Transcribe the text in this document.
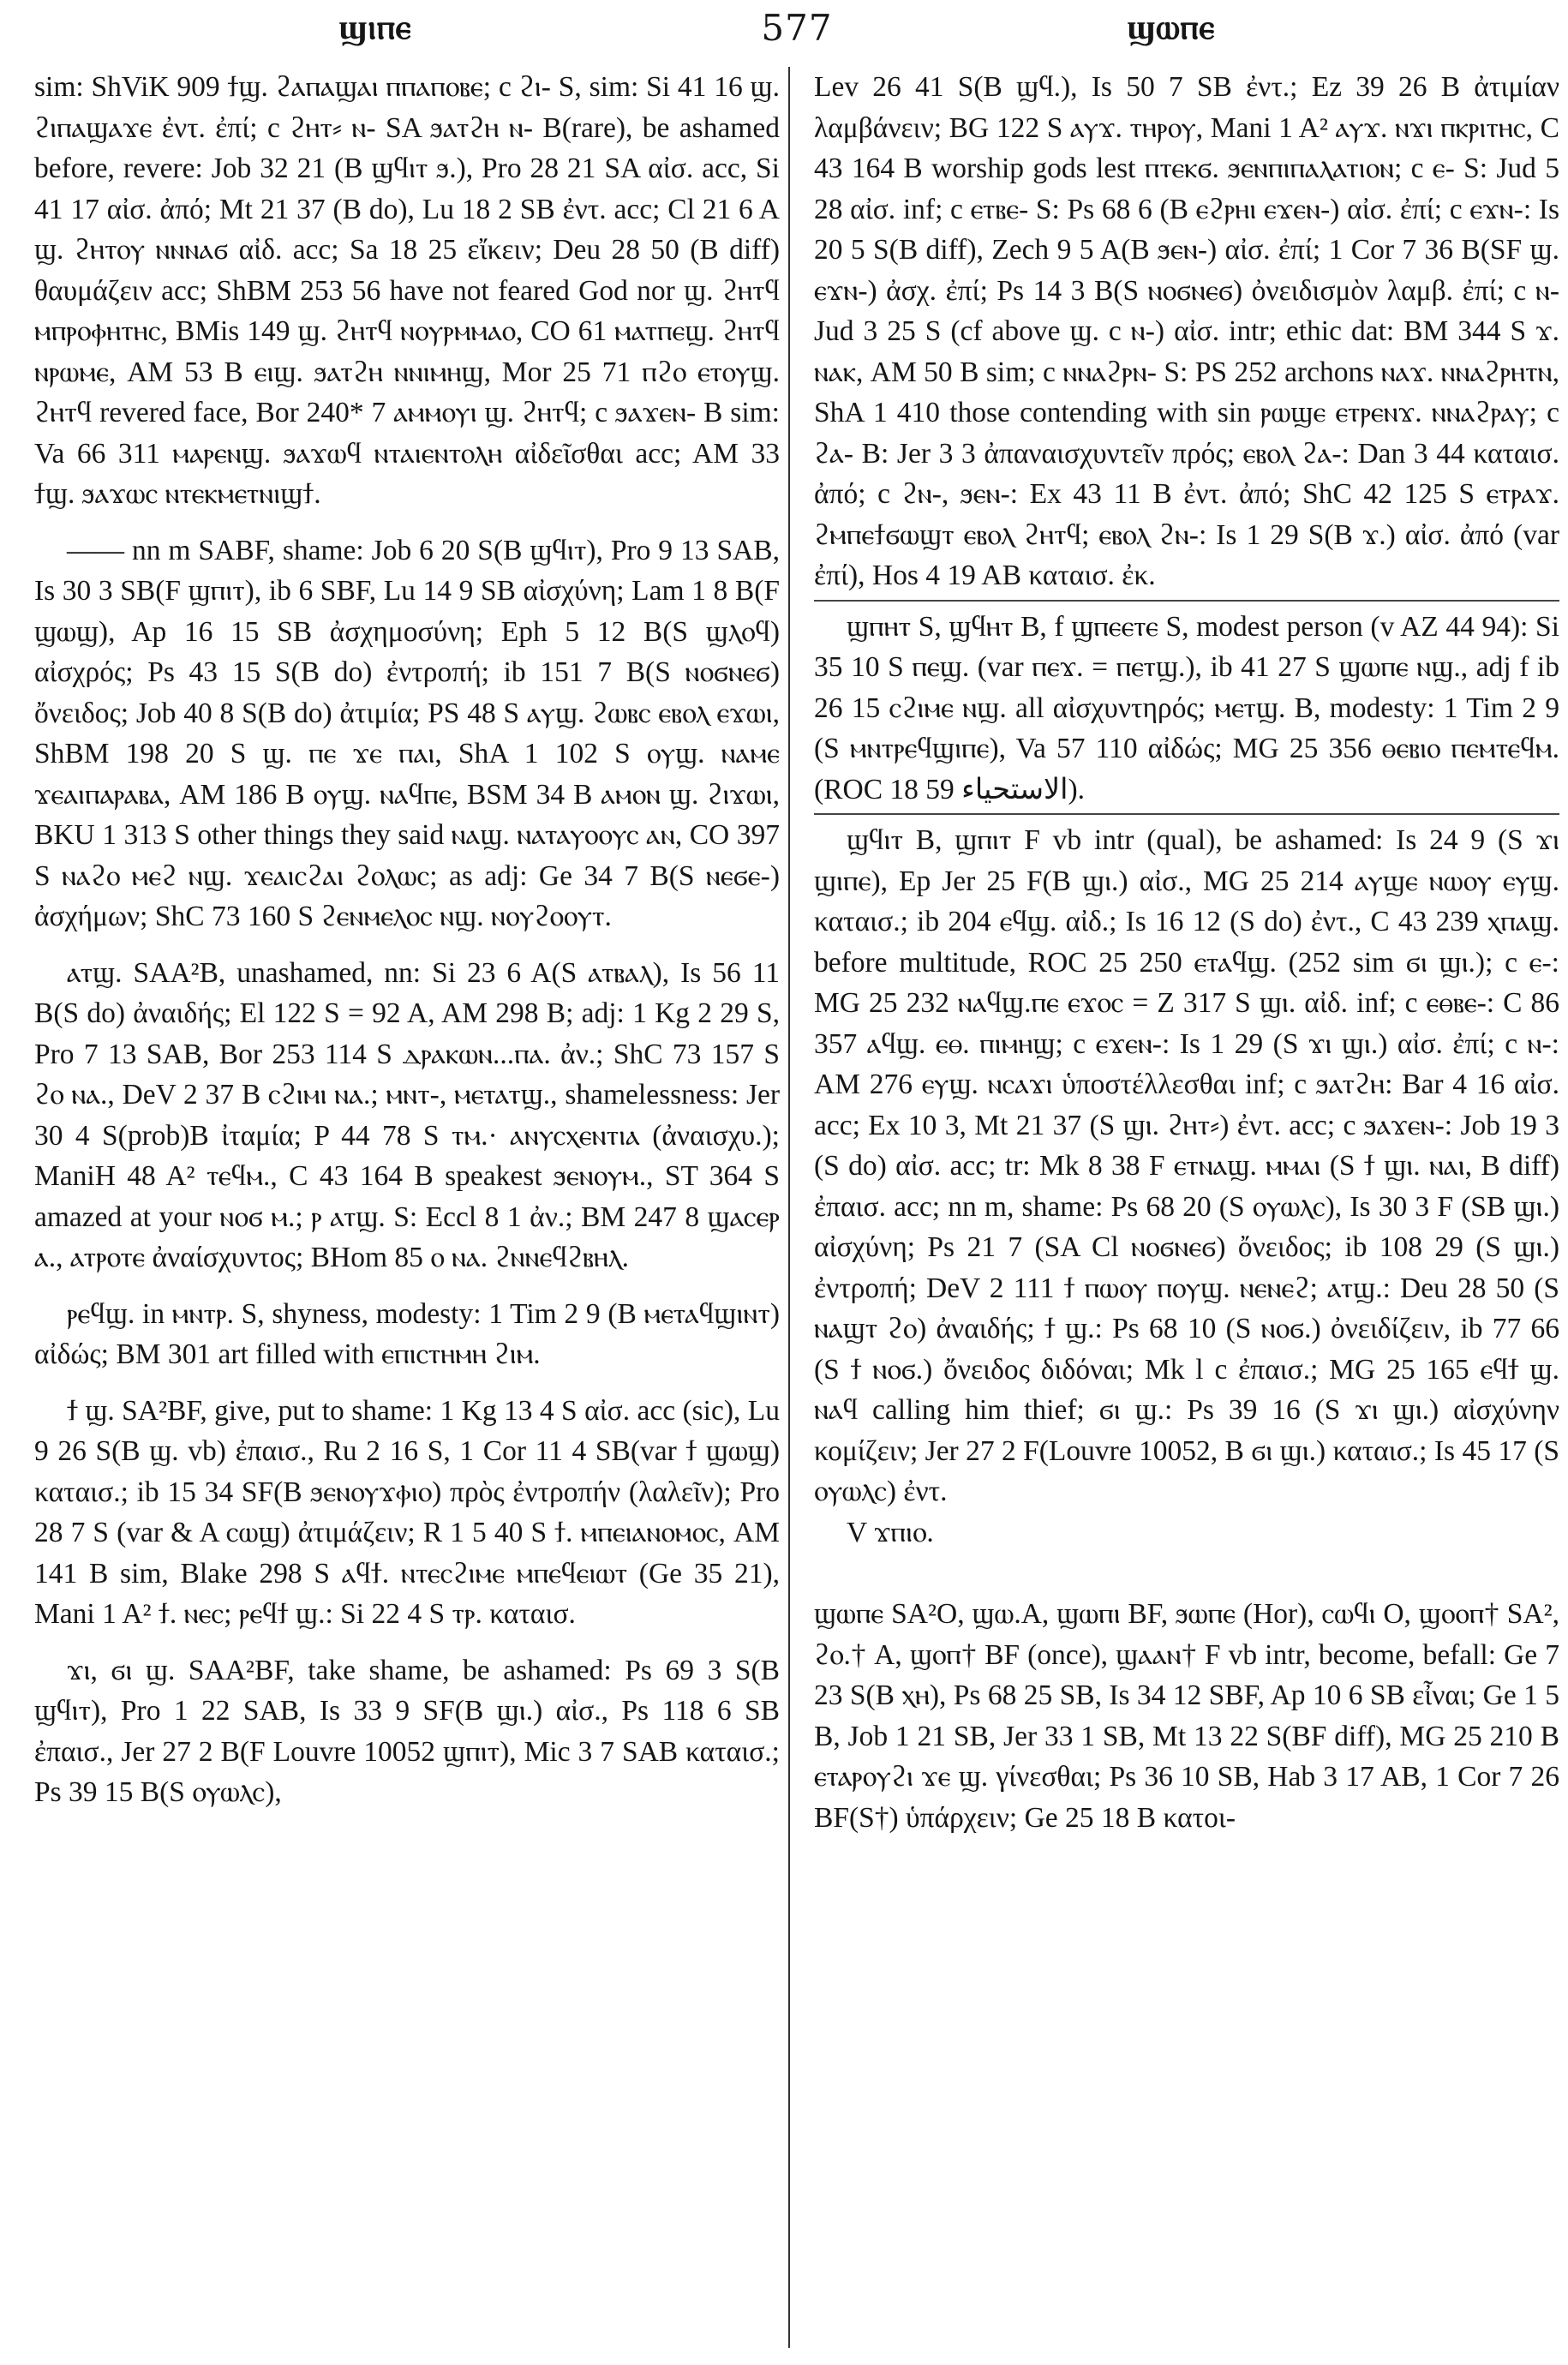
ϣⲓⲡⲉ	577	ϣⲱⲡⲉ

sim: ShViK 909 ϯϣ. ϩⲁⲡⲁϣⲁⲓ ⲡⲡⲁⲡⲟⲃⲉ; c ϩⲓ- S, sim: Si 41 16 ϣ. ϩⲓⲡⲁϣⲁϫⲉ ἐντ. ἐπί; c ϩⲏⲧ⸗ ⲛ- SA ϧⲁⲧϩⲏ ⲛ- B(rare), be ashamed before, revere: Job 32 21 (B ϣϥⲓⲧ ϧ.), Pro 28 21 SA αἰσ. acc, Si 41 17 αἰσ. ἀπό; Mt 21 37 (B do), Lu 18 2 SB ἐντ. acc; Cl 21 6 A ϣ. ϩⲏⲧⲟⲩ ⲛⲛⲛⲁϭ αἰδ. acc; Sa 18 25 εἴκειν; Deu 28 50 (B diff) θαυμάζειν acc; ShBM 253 56 have not feared God nor ϣ. ϩⲏⲧϥ ⲙⲡⲣⲟⲫⲏⲧⲏⲥ, BMis 149 ϣ. ϩⲏⲧϥ ⲛⲟⲩⲣⲙⲙⲁⲟ, CO 61 ⲙⲁⲧⲡⲉϣ. ϩⲏⲧϥ ⲛⲣⲱⲙⲉ, AM 53 B ⲉⲓϣ. ϧⲁⲧϩⲏ ⲛⲛⲓⲙⲏϣ, Mor 25 71 ⲡϩⲟ ⲉⲧⲟⲩϣ. ϩⲏⲧϥ revered face, Bor 240* 7 ⲁⲙⲙⲟⲩⲓ ϣ. ϩⲏⲧϥ; c ϧⲁϫⲉⲛ- B sim: Va 66 311 ⲙⲁⲣⲉⲛϣ. ϧⲁϫⲱϥ ⲛⲧⲁⲓⲉⲛⲧⲟⲗⲏ αἰδεῖσθαι acc; AM 33 ϯϣ. ϧⲁϫⲱⲥ ⲛⲧⲉⲕⲙⲉⲧⲛⲓϣϯ.

—— nn m SABF, shame: Job 6 20 S(B ϣϥⲓⲧ), Pro 9 13 SAB, Is 30 3 SB(F ϣⲡⲓⲧ), ib 6 SBF, Lu 14 9 SB αἰσχύνη; Lam 1 8 B(F ϣⲱϣ), Ap 16 15 SB ἀσχημοσύνη; Eph 5 12 B(S ϣⲗⲟϥ) αἰσχρός; Ps 43 15 S(B do) ἐντροπή; ib 151 7 B(S ⲛⲟϭⲛⲉϭ) ὄνειδος; Job 40 8 S(B do) ἀτιμία; PS 48 S ⲁⲩϣ. ϩⲱⲃⲥ ⲉⲃⲟⲗ ⲉϫⲱⲓ, ShBM 198 20 S ϣ. ⲡⲉ ϫⲉ ⲡⲁⲓ, ShA 1 102 S ⲟⲩϣ. ⲛⲁⲙⲉ ϫⲉⲁⲓⲡⲁⲣⲁⲃⲁ, AM 186 B ⲟⲩϣ. ⲛⲁϥⲡⲉ, BSM 34 B ⲁⲙⲟⲛ ϣ. ϩⲓϫⲱⲓ, BKU 1 313 S other things they said ⲛⲁϣ. ⲛⲁⲧⲁⲩⲟⲟⲩⲥ ⲁⲛ, CO 397 S ⲛⲁϩⲟ ⲙⲉϩ ⲛϣ. ϫⲉⲁⲓⲥϩⲁⲓ ϩⲟⲗⲱⲥ; as adj: Ge 34 7 B(S ⲛⲉϭⲉ-) ἀσχήμων; ShC 73 160 S ϩⲉⲛⲙⲉⲗⲟⲥ ⲛϣ. ⲛⲟⲩϩⲟⲟⲩⲧ.

ⲁⲧϣ. SAA²B, unashamed, nn: Si 23 6 A(S ⲁⲧⲃⲁⲗ), Is 56 11 B(S do) ἀναιδής; El 122 S = 92 A, AM 298 B; adj: 1 Kg 2 29 S, Pro 7 13 SAB, Bor 253 114 S ⲇⲣⲁⲕⲱⲛ...ⲡⲁ. ἀν.; ShC 73 157 S ϩⲟ ⲛⲁ., DeV 2 37 B ⲥϩⲓⲙⲓ ⲛⲁ.; ⲙⲛⲧ-, ⲙⲉⲧⲁⲧϣ., shamelessness: Jer 30 4 S(prob)B ἰταμία; P 44 78 S ⲧⲙ.· ⲁⲛⲩⲥⲭⲉⲛⲧⲓⲁ (ἀναισχυ.); ManiH 48 A² ⲧⲉϥⲙ., C 43 164 B speakest ϧⲉⲛⲟⲩⲙ., ST 364 S amazed at your ⲛⲟϭ ⲙ.; ⲣ ⲁⲧϣ. S: Eccl 8 1 ἀν.; BM 247 8 ϣⲁⲥⲉⲣ ⲁ., ⲁⲧⲣⲟⲧⲉ ἀναίσχυντος; BHom 85 ⲟ ⲛⲁ. ϩⲛⲛⲉϥϩⲃⲏⲗ.

ⲣⲉϥϣ. in ⲙⲛⲧⲣ. S, shyness, modesty: 1 Tim 2 9 (B ⲙⲉⲧⲁϥϣⲓⲛⲧ) αἰδώς; BM 301 art filled with ⲉⲡⲓⲥⲧⲏⲙⲏ ϩⲓⲙ.

ϯ ϣ. SA²BF, give, put to shame: 1 Kg 13 4 S αἰσ. acc (sic), Lu 9 26 S(B ϣ. vb) ἐπαισ., Ru 2 16 S, 1 Cor 11 4 SB(var ϯ ϣⲱϣ) καταισ.; ib 15 34 SF(B ϧⲉⲛⲟⲩϫⲫⲓⲟ) πρὸς ἐντροπήν (λαλεῖν); Pro 28 7 S (var & A ⲥⲱϣ) ἀτιμάζειν; R 1 5 40 S ϯ. ⲙⲡⲉⲓⲁⲛⲟⲙⲟⲥ, AM 141 B sim, Blake 298 S ⲁϥϯ. ⲛⲧⲉⲥϩⲓⲙⲉ ⲙⲡⲉϥⲉⲓⲱⲧ (Ge 35 21), Mani 1 A² ϯ. ⲛⲉⲥ; ⲣⲉϥϯ ϣ.: Si 22 4 S ⲧⲣ. καταισ.

ϫⲓ, ϭⲓ ϣ. SAA²BF, take shame, be ashamed: Ps 69 3 S(B ϣϥⲓⲧ), Pro 1 22 SAB, Is 33 9 SF(B ϣⲓ.) αἰσ., Ps 118 6 SB ἐπαισ., Jer 27 2 B(F Louvre 10052 ϣⲡⲓⲧ), Mic 3 7 SAB καταισ.; Ps 39 15 B(S ⲟⲩⲱⲗⲥ),

Lev 26 41 S(B ϣϥ.), Is 50 7 SB ἐντ.; Ez 39 26 B ἀτιμίαν λαμβάνειν; BG 122 S ⲁⲩϫ. ⲧⲏⲣⲟⲩ, Mani 1 A² ⲁⲩϫ. ⲛϫⲓ ⲡⲕⲣⲓⲧⲏⲥ, C 43 164 B worship gods lest ⲡⲧⲉⲕϭ. ϧⲉⲛⲡⲓⲡⲁⲗⲁⲧⲓⲟⲛ; c ⲉ- S: Jud 5 28 αἰσ. inf; c ⲉⲧⲃⲉ- S: Ps 68 6 (B ⲉϩⲣⲏⲓ ⲉϫⲉⲛ-) αἰσ. ἐπί; c ⲉϫⲛ-: Is 20 5 S(B diff), Zech 9 5 A(B ϧⲉⲛ-) αἰσ. ἐπί; 1 Cor 7 36 B(SF ϣ. ⲉϫⲛ-) ἀσχ. ἐπί; Ps 14 3 B(S ⲛⲟϭⲛⲉϭ) ὀνειδισμὸν λαμβ. ἐπί; c ⲛ- Jud 3 25 S (cf above ϣ. c ⲛ-) αἰσ. intr; ethic dat: BM 344 S ϫ. ⲛⲁⲕ, AM 50 B sim; c ⲛⲛⲁϩⲣⲛ- S: PS 252 archons ⲛⲁϫ. ⲛⲛⲁϩⲣⲏⲧⲛ, ShA 1 410 those contending with sin ⲣⲱϣⲉ ⲉⲧⲣⲉⲛϫ. ⲛⲛⲁϩⲣⲁⲩ; c ϩⲁ- B: Jer 3 3 ἀπαναισχυντεῖν πρός; ⲉⲃⲟⲗ ϩⲁ-: Dan 3 44 καταισ. ἀπό; c ϩⲛ-, ϧⲉⲛ-: Ex 43 11 B ἐντ. ἀπό; ShC 42 125 S ⲉⲧⲣⲁϫ. ϩⲙⲡⲉϯϭⲱϣⲧ ⲉⲃⲟⲗ ϩⲏⲧϥ; ⲉⲃⲟⲗ ϩⲛ-: Is 1 29 S(B ϫ.) αἰσ. ἀπό (var ἐπί), Hos 4 19 AB καταισ. ἐκ.

ϣⲡⲏⲧ S, ϣϥⲏⲧ B, f ϣⲡⲉⲉⲧⲉ S, modest person (v AZ 44 94): Si 35 10 S ⲡⲉϣ. (var ⲡⲉϫ. = ⲡⲉⲧϣ.), ib 41 27 S ϣⲱⲡⲉ ⲛϣ., adj f ib 26 15 ⲥϩⲓⲙⲉ ⲛϣ. all αἰσχυντηρός; ⲙⲉⲧϣ. B, modesty: 1 Tim 2 9 (S ⲙⲛⲧⲣⲉϥϣⲓⲡⲉ), Va 57 110 αἰδώς; MG 25 356 ⲑⲉⲃⲓⲟ ⲡⲉⲙⲧⲉϥⲙ. (ROC 18 59 الاستحياء).

ϣϥⲓⲧ B, ϣⲡⲓⲧ F vb intr (qual), be ashamed: Is 24 9 (S ϫⲓ ϣⲓⲡⲉ), Ep Jer 25 F(B ϣⲓ.) αἰσ., MG 25 214 ⲁⲩϣⲉ ⲛⲱⲟⲩ ⲉⲩϣ. καταισ.; ib 204 ⲉϥϣ. αἰδ.; Is 16 12 (S do) ἐντ., C 43 239 ⲭⲡⲁϣ. before multitude, ROC 25 250 ⲉⲧⲁϥϣ. (252 sim ϭⲓ ϣⲓ.); c ⲉ-: MG 25 232 ⲛⲁϥϣ.ⲡⲉ ⲉϫⲟⲥ = Z 317 S ϣⲓ. αἰδ. inf; c ⲉⲑⲃⲉ-: C 86 357 ⲁϥϣ. ⲉⲑ. ⲡⲓⲙⲏϣ; c ⲉϫⲉⲛ-: Is 1 29 (S ϫⲓ ϣⲓ.) αἰσ. ἐπί; c ⲛ-: AM 276 ⲉⲩϣ. ⲛⲥⲁϫⲓ ὑποστέλλεσθαι inf; c ϧⲁⲧϩⲏ: Bar 4 16 αἰσ. acc; Ex 10 3, Mt 21 37 (S ϣⲓ. ϩⲏⲧ⸗) ἐντ. acc; c ϧⲁϫⲉⲛ-: Job 19 3 (S do) αἰσ. acc; tr: Mk 8 38 F ⲉⲧⲛⲁϣ. ⲙⲙⲁⲓ (S ϯ ϣⲓ. ⲛⲁⲓ, B diff) ἐπαισ. acc; nn m, shame: Ps 68 20 (S ⲟⲩⲱⲗⲥ), Is 30 3 F (SB ϣⲓ.) αἰσχύνη; Ps 21 7 (SA Cl ⲛⲟϭⲛⲉϭ) ὄνειδος; ib 108 29 (S ϣⲓ.) ἐντροπή; DeV 2 111 ϯ ⲡⲱⲟⲩ ⲡⲟⲩϣ. ⲛⲉⲛⲉϩ; ⲁⲧϣ.: Deu 28 50 (S ⲛⲁϣⲧ ϩⲟ) ἀναιδής; ϯ ϣ.: Ps 68 10 (S ⲛⲟϭ.) ὀνειδίζειν, ib 77 66 (S ϯ ⲛⲟϭ.) ὄνειδος διδόναι; Mk l c ἐπαισ.; MG 25 165 ⲉϥϯ ϣ. ⲛⲁϥ calling him thief; ϭⲓ ϣ.: Ps 39 16 (S ϫⲓ ϣⲓ.) αἰσχύνην κομίζειν; Jer 27 2 F(Louvre 10052, B ϭⲓ ϣⲓ.) καταισ.; Is 45 17 (S ⲟⲩⲱⲗⲥ) ἐντ.

V ϫⲡⲓⲟ.

ϣⲱⲡⲉ SA²O, ϣⲱ.A, ϣⲱⲡⲓ BF, ϧⲱⲡⲉ (Hor), ⲥⲱϥⲓ O, ϣⲟⲟⲡ† SA², ϩⲟ.† A, ϣⲟⲡ† BF (once), ϣⲁⲁⲛ† F vb intr, become, befall: Ge 7 23 S(B ⲭⲏ), Ps 68 25 SB, Is 34 12 SBF, Ap 10 6 SB εἶναι; Ge 1 5 B, Job 1 21 SB, Jer 33 1 SB, Mt 13 22 S(BF diff), MG 25 210 B ⲉⲧⲁⲣⲟⲩϩⲓ ϫⲉ ϣ. γίνεσθαι; Ps 36 10 SB, Hab 3 17 AB, 1 Cor 7 26 BF(S†) ὑπάρχειν; Ge 25 18 B κατοι-
